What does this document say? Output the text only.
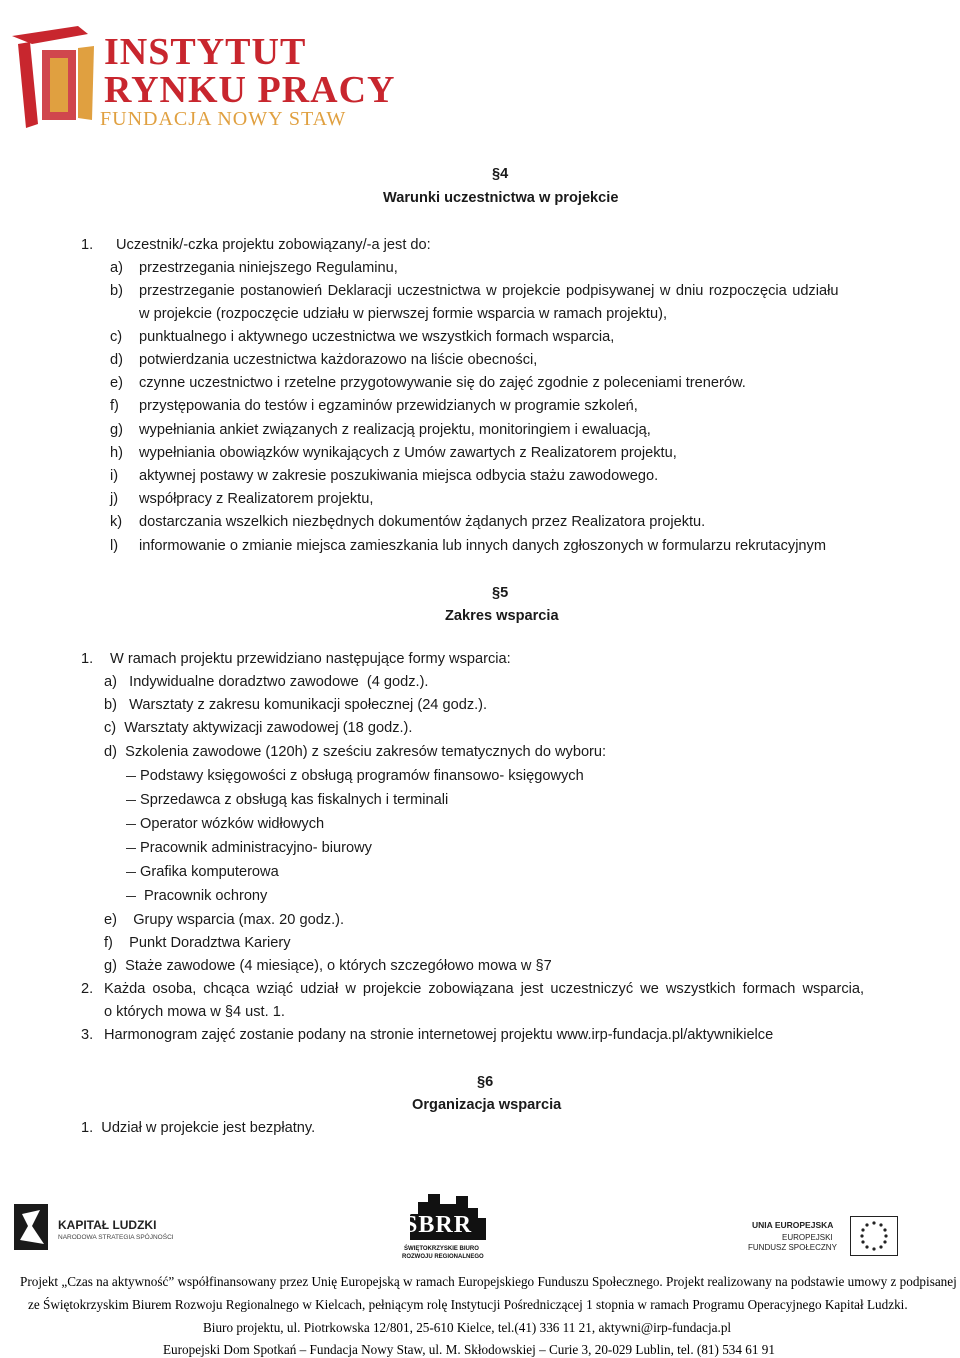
INSTYTUT
RYNKU PRACY
FUNDACJA NOWY STAW
§4
Warunki uczestnictwa w projekcie
1. Uczestnik/-czka projektu zobowiązany/-a jest do:
a) przestrzegania niniejszego Regulaminu,
b) przestrzeganie postanowień Deklaracji uczestnictwa w projekcie podpisywanej w dniu rozpoczęcia udziału
w projekcie (rozpoczęcie udziału w pierwszej formie wsparcia w ramach projektu),
c) punktualnego i aktywnego uczestnictwa we wszystkich formach wsparcia,
d) potwierdzania uczestnictwa każdorazowo na liście obecności,
e) czynne uczestnictwo i rzetelne przygotowywanie się do zajęć zgodnie z poleceniami trenerów.
f) przystępowania do testów i egzaminów przewidzianych w programie szkoleń,
g) wypełniania ankiet związanych z realizacją projektu, monitoringiem i ewaluacją,
h) wypełniania obowiązków wynikających z Umów zawartych z Realizatorem projektu,
i) aktywnej postawy w zakresie poszukiwania miejsca odbycia stażu zawodowego.
j) współpracy z Realizatorem projektu,
k) dostarczania wszelkich niezbędnych dokumentów żądanych przez Realizatora projektu.
l) informowanie o zmianie miejsca zamieszkania lub innych danych zgłoszonych w formularzu rekrutacyjnym
§5
Zakres wsparcia
1. W ramach projektu przewidziano następujące formy wsparcia:
a)   Indywidualne doradztwo zawodowe  (4 godz.).
b)   Warsztaty z zakresu komunikacji społecznej (24 godz.).
c)  Warsztaty aktywizacji zawodowej (18 godz.).
d)  Szkolenia zawodowe (120h) z sześciu zakresów tematycznych do wyboru:
Podstawy księgowości z obsługą programów finansowo- księgowych
Sprzedawca z obsługą kas fiskalnych i terminali
Operator wózków widłowych
Pracownik administracyjno- biurowy
Grafika komputerowa
Pracownik ochrony
e)    Grupy wsparcia (max. 20 godz.).
f)    Punkt Doradztwa Kariery
g)  Staże zawodowe (4 miesiące), o których szczegółowo mowa w §7
2. Każda osoba, chcąca wziąć udział w projekcie zobowiązana jest uczestniczyć we wszystkich formach wsparcia,
o których mowa w §4 ust. 1.
3. Harmonogram zajęć zostanie podany na stronie internetowej projektu www.irp-fundacja.pl/aktywnikielce
§6
Organizacja wsparcia
1.  Udział w projekcie jest bezpłatny.
KAPITAŁ LUDZKI
NARODOWA STRATEGIA SPÓJNOŚCI	ŚBRR
ŚWIĘTOKRZYSKIE BIURO
ROZWOJU REGIONALNEGO
UNIA EUROPEJSKA
EUROPEJSKI
FUNDUSZ SPOŁECZNY
Projekt „Czas na aktywność” współfinansowany przez Unię Europejską w ramach Europejskiego Funduszu Społecznego. Projekt realizowany na podstawie umowy z podpisanej
ze Świętokrzyskim Biurem Rozwoju Regionalnego w Kielcach, pełniącym rolę Instytucji Pośredniczącej 1 stopnia w ramach Programu Operacyjnego Kapitał Ludzki.
Biuro projektu, ul. Piotrkowska 12/801, 25-610 Kielce, tel.(41) 336 11 21, aktywni@irp-fundacja.pl
Europejski Dom Spotkań – Fundacja Nowy Staw, ul. M. Skłodowskiej – Curie 3, 20-029 Lublin, tel. (81) 534 61 91
